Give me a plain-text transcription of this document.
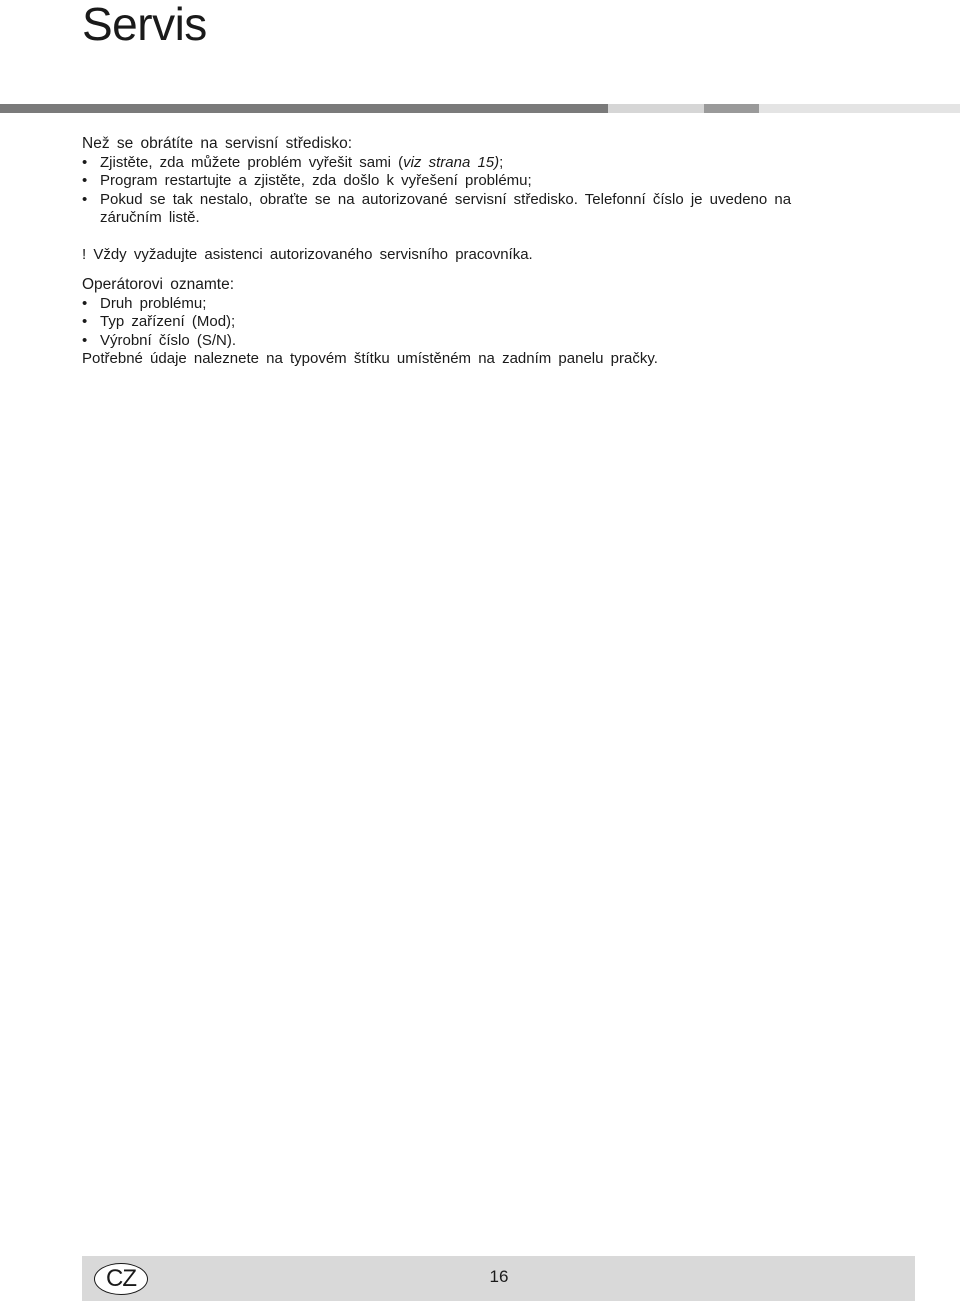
Servis

Než se obrátíte na servisní středisko:

• Zjistěte, zda můžete problém vyřešit sami (viz strana 15);
• Program restartujte a zjistěte, zda došlo k vyřešení problému;
• Pokud se tak nestalo, obraťte se na autorizované servisní středisko. Telefonní číslo je uvedeno na záručním listě.

! Vždy vyžadujte asistenci autorizovaného servisního pracovníka.

Operátorovi oznamte:

• Druh problému;
• Typ zařízení (Mod);
• Výrobní číslo (S/N).

Potřebné údaje naleznete na typovém štítku umístěném na zadním panelu pračky.

CZ	16
